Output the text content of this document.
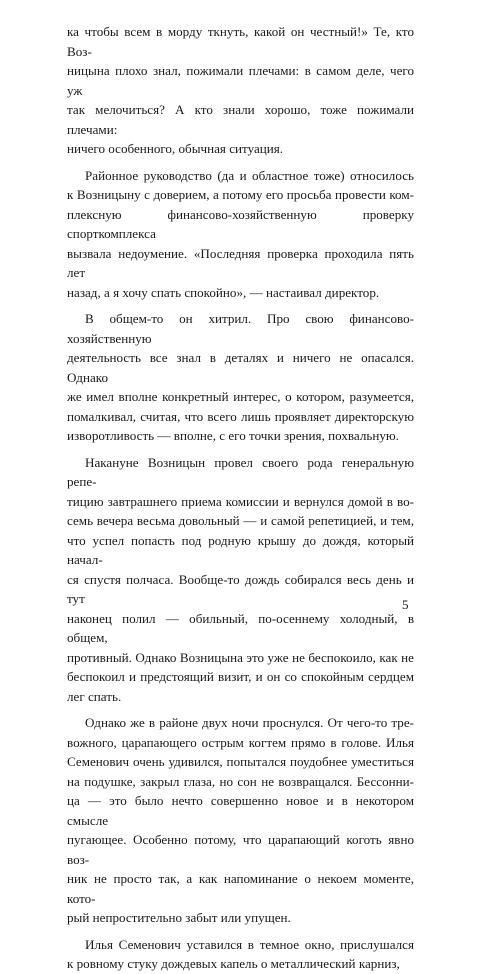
ка чтобы всем в морду ткнуть, какой он честный!» Те, кто Воз-
ницына плохо знал, пожимали плечами: в самом деле, чего уж
так мелочиться? А кто знали хорошо, тоже пожимали плечами:
ничего особенного, обычная ситуация.
Районное руководство (да и областное тоже) относилось
к Возницыну с доверием, а потому его просьба провести ком-
плексную финансово-хозяйственную проверку спорткомплекса
вызвала недоумение. «Последняя проверка проходила пять лет
назад, а я хочу спать спокойно», — настаивал директор.
В общем-то он хитрил. Про свою финансово-хозяйственную
деятельность все знал в деталях и ничего не опасался. Однако
же имел вполне конкретный интерес, о котором, разумеется,
помалкивал, считая, что всего лишь проявляет директорскую
изворотливость — вполне, с его точки зрения, похвальную.
Накануне Возницын провел своего рода генеральную репе-
тицию завтрашнего приема комиссии и вернулся домой в во-
семь вечера весьма довольный — и самой репетицией, и тем,
что успел попасть под родную крышу до дождя, который начал-
ся спустя полчаса. Вообще-то дождь собирался весь день и тут
наконец полил — обильный, по-осеннему холодный, в общем,
противный. Однако Возницына это уже не беспокоило, как не
беспокоил и предстоящий визит, и он со спокойным сердцем
лег спать.
Однако же в районе двух ночи проснулся. От чего-то тре-
вожного, царапающего острым когтем прямо в голове. Илья
Семенович очень удивился, попытался поудобнее уместиться
на подушке, закрыл глаза, но сон не возвращался. Бессонни-
ца — это было нечто совершенно новое и в некотором смысле
пугающее. Особенно потому, что царапающий коготь явно воз-
ник не просто так, а как напоминание о некоем моменте, кото-
рый непростительно забыт или упущен.
Илья Семенович уставился в темное окно, прислушался
к ровному стуку дождевых капель о металлический карниз,
5
